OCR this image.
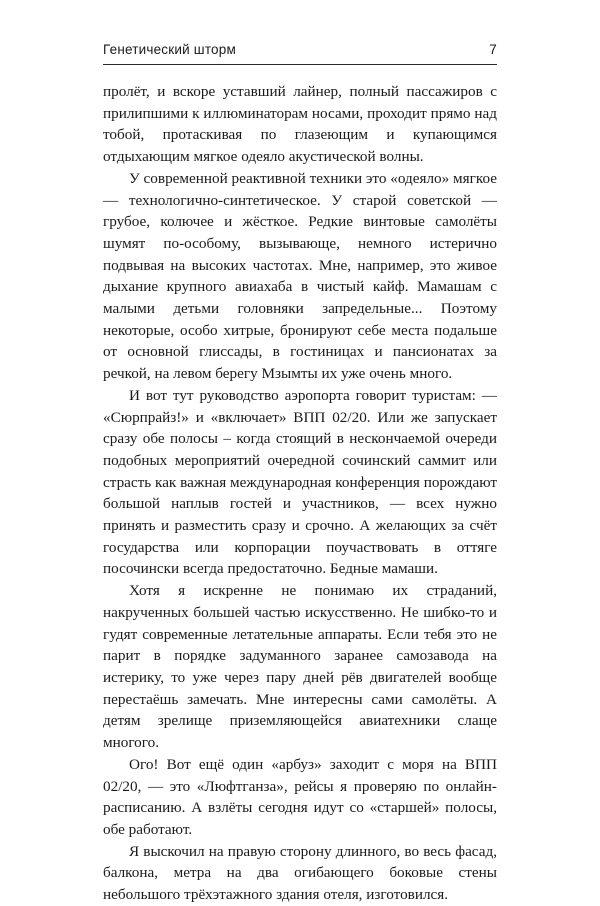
Генетический шторм	7

пролёт, и вскоре уставший лайнер, полный пассажиров с прилипшими к иллюминаторам носами, проходит прямо над тобой, протаскивая по глазеющим и купающимся отдыхающим мягкое одеяло акустической волны.

У современной реактивной техники это «одеяло» мягкое — технологично-синтетическое. У старой советской — грубое, колючее и жёсткое. Редкие винтовые самолёты шумят по-особому, вызывающе, немного истерично подвывая на высоких частотах. Мне, например, это живое дыхание крупного авиахаба в чистый кайф. Мамашам с малыми детьми головняки запредельные... Поэтому некоторые, особо хитрые, бронируют себе места подальше от основной глиссады, в гостиницах и пансионатах за речкой, на левом берегу Мзымты их уже очень много.

И вот тут руководство аэропорта говорит туристам: — «Сюрпрайз!» и «включает» ВПП 02/20. Или же запускает сразу обе полосы – когда стоящий в нескончаемой очереди подобных мероприятий очередной сочинский саммит или страсть как важная международная конференция порождают большой наплыв гостей и участников, — всех нужно принять и разместить сразу и срочно. А желающих за счёт государства или корпорации поучаствовать в оттяге посочински всегда предостаточно. Бедные мамаши.

Хотя я искренне не понимаю их страданий, накрученных большей частью искусственно. Не шибко-то и гудят современные летательные аппараты. Если тебя это не парит в порядке задуманного заранее самозавода на истерику, то уже через пару дней рёв двигателей вообще перестаёшь замечать. Мне интересны сами самолёты. А детям зрелище приземляющейся авиатехники слаще многого.

Ого! Вот ещё один «арбуз» заходит с моря на ВПП 02/20, — это «Люфтганза», рейсы я проверяю по онлайн-расписанию. А взлёты сегодня идут со «старшей» полосы, обе работают.

Я выскочил на правую сторону длинного, во весь фасад, балкона, метра на два огибающего боковые стены небольшого трёхэтажного здания отеля, изготовился.
